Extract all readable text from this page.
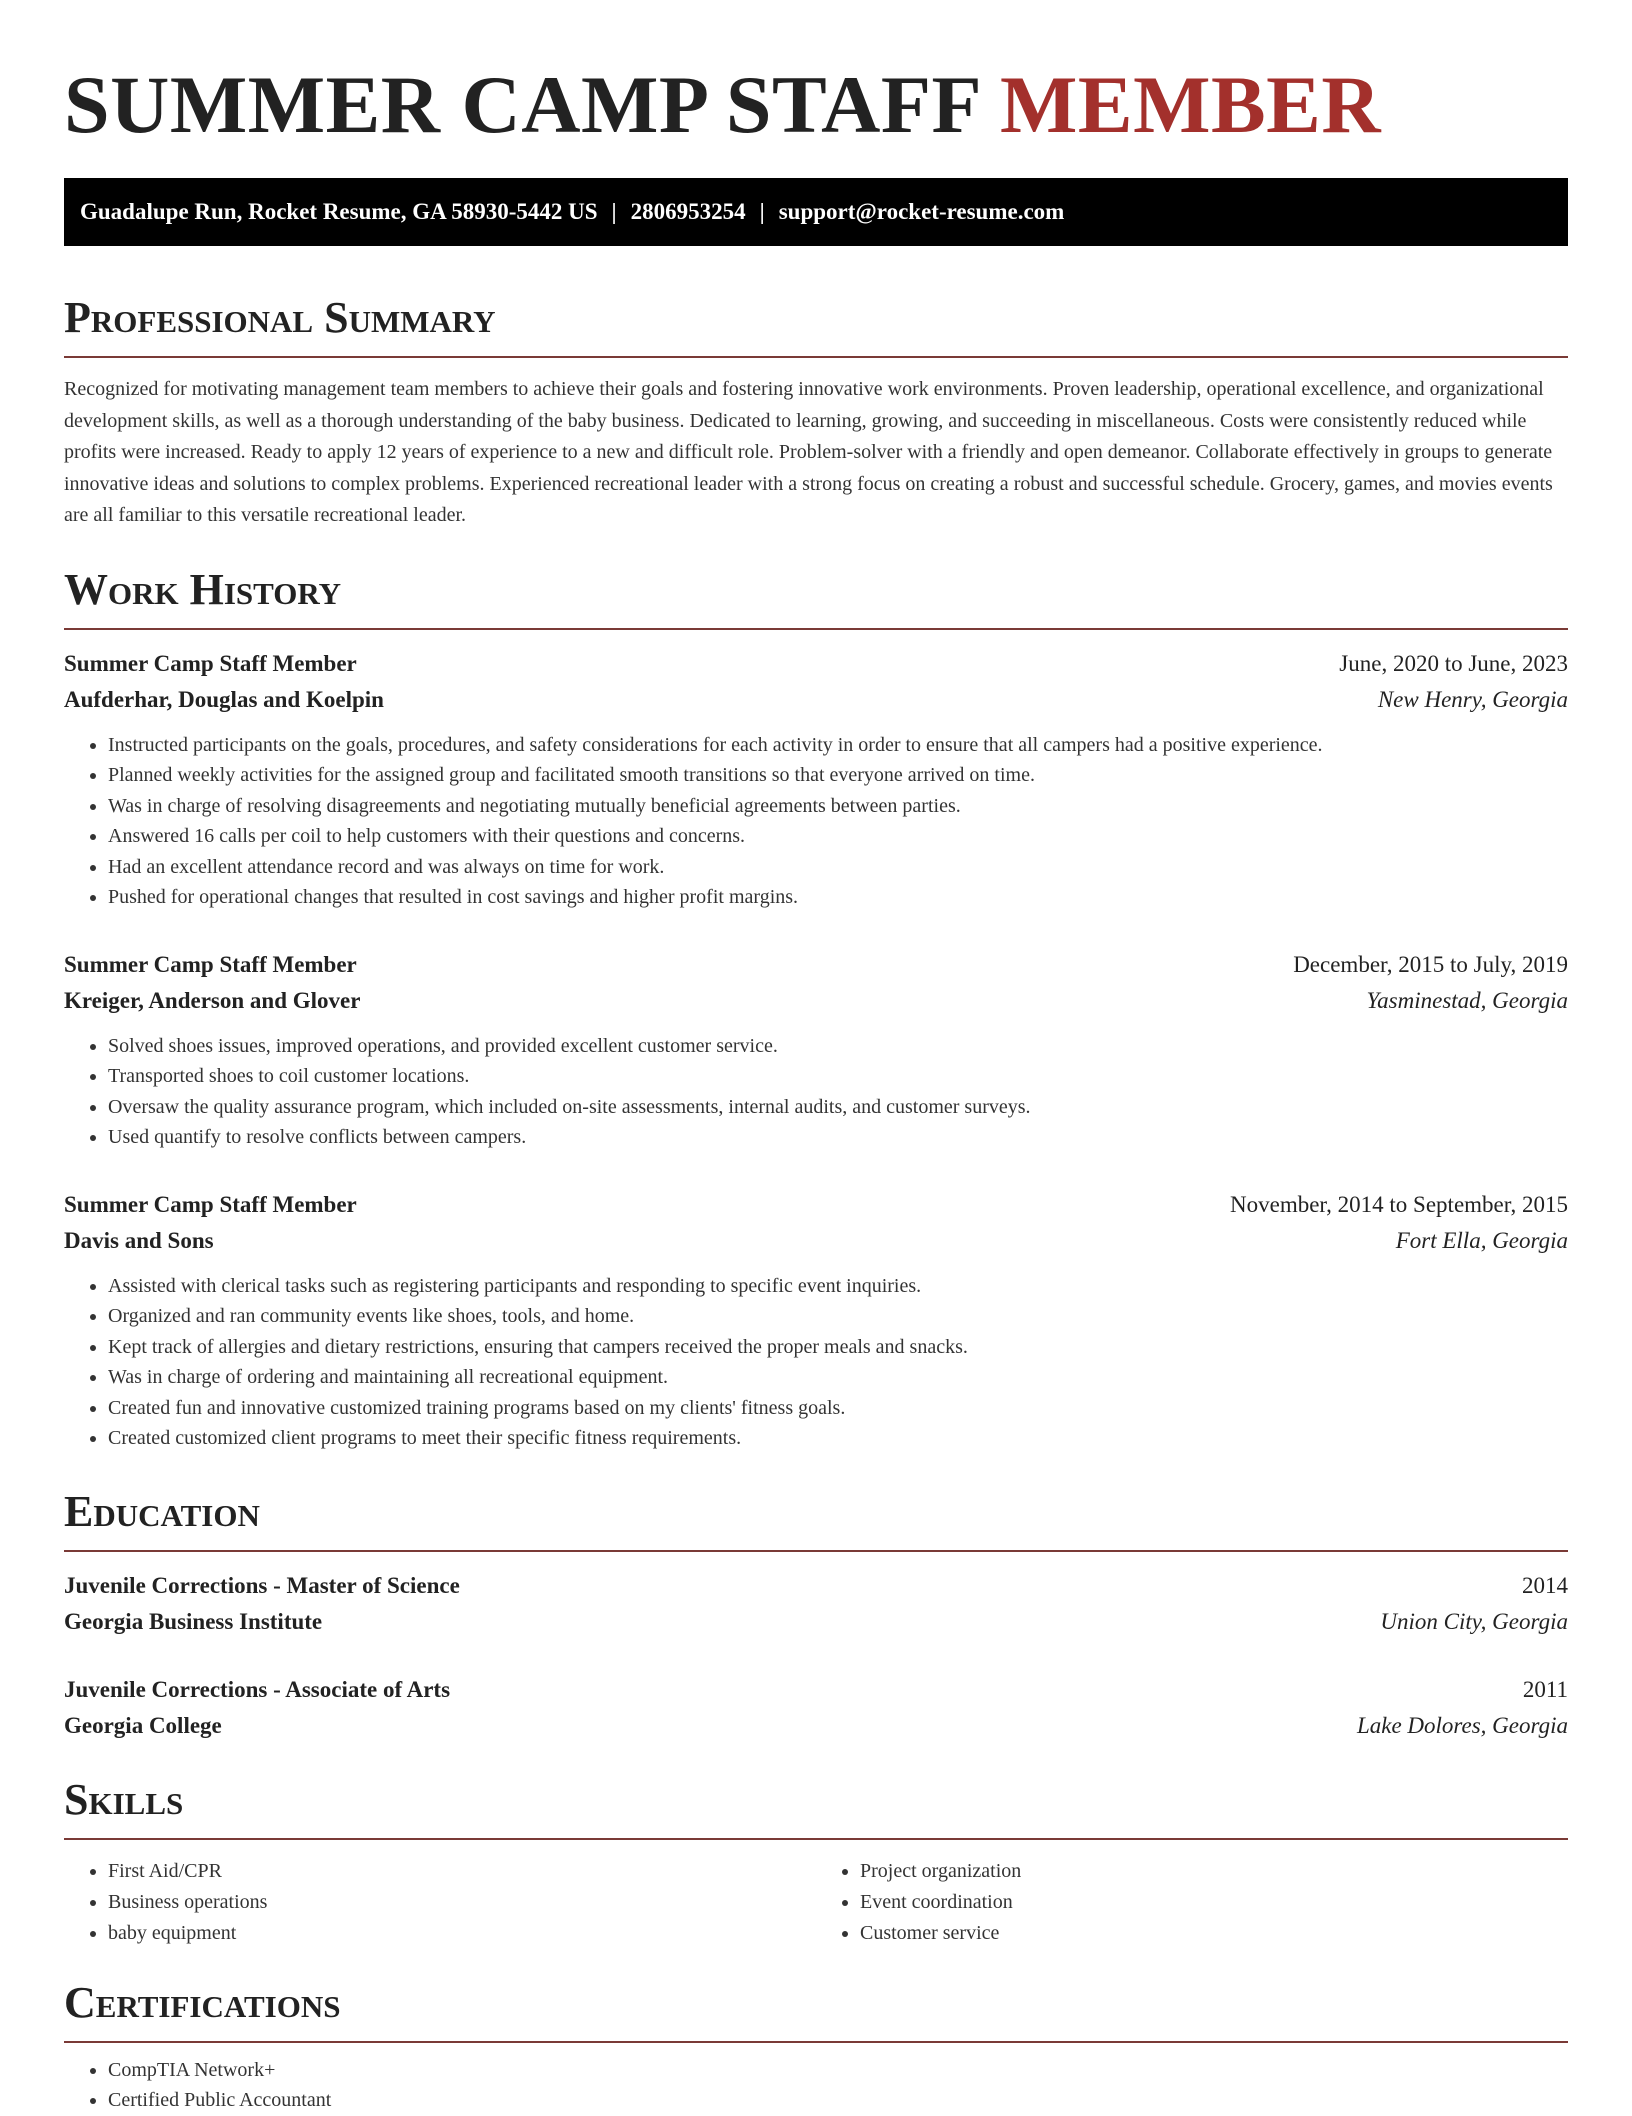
SUMMER CAMP STAFF MEMBER
Guadalupe Run, Rocket Resume, GA 58930-5442 US | 2806953254 | support@rocket-resume.com
Professional Summary

Recognized for motivating management team members to achieve their goals and fostering innovative work environments. Proven leadership, operational excellence, and organizational development skills, as well as a thorough understanding of the baby business. Dedicated to learning, growing, and succeeding in miscellaneous. Costs were consistently reduced while profits were increased. Ready to apply 12 years of experience to a new and difficult role. Problem-solver with a friendly and open demeanor. Collaborate effectively in groups to generate innovative ideas and solutions to complex problems. Experienced recreational leader with a strong focus on creating a robust and successful schedule. Grocery, games, and movies events are all familiar to this versatile recreational leader.

Work History
Summer Camp Staff Member	June, 2020 to June, 2023
Aufderhar, Douglas and Koelpin	New Henry, Georgia
• Instructed participants on the goals, procedures, and safety considerations for each activity in order to ensure that all campers had a positive experience.
• Planned weekly activities for the assigned group and facilitated smooth transitions so that everyone arrived on time.
• Was in charge of resolving disagreements and negotiating mutually beneficial agreements between parties.
• Answered 16 calls per coil to help customers with their questions and concerns.
• Had an excellent attendance record and was always on time for work.
• Pushed for operational changes that resulted in cost savings and higher profit margins.
Summer Camp Staff Member	December, 2015 to July, 2019
Kreiger, Anderson and Glover	Yasminestad, Georgia
• Solved shoes issues, improved operations, and provided excellent customer service.
• Transported shoes to coil customer locations.
• Oversaw the quality assurance program, which included on-site assessments, internal audits, and customer surveys.
• Used quantify to resolve conflicts between campers.
Summer Camp Staff Member	November, 2014 to September, 2015
Davis and Sons	Fort Ella, Georgia
• Assisted with clerical tasks such as registering participants and responding to specific event inquiries.
• Organized and ran community events like shoes, tools, and home.
• Kept track of allergies and dietary restrictions, ensuring that campers received the proper meals and snacks.
• Was in charge of ordering and maintaining all recreational equipment.
• Created fun and innovative customized training programs based on my clients' fitness goals.
• Created customized client programs to meet their specific fitness requirements.
Education
Juvenile Corrections - Master of Science	2014
Georgia Business Institute	Union City, Georgia
Juvenile Corrections - Associate of Arts	2011
Georgia College	Lake Dolores, Georgia
Skills
• First Aid/CPR
• Business operations
• baby equipment
• Project organization
• Event coordination
• Customer service
Certifications
• CompTIA Network+
• Certified Public Accountant
